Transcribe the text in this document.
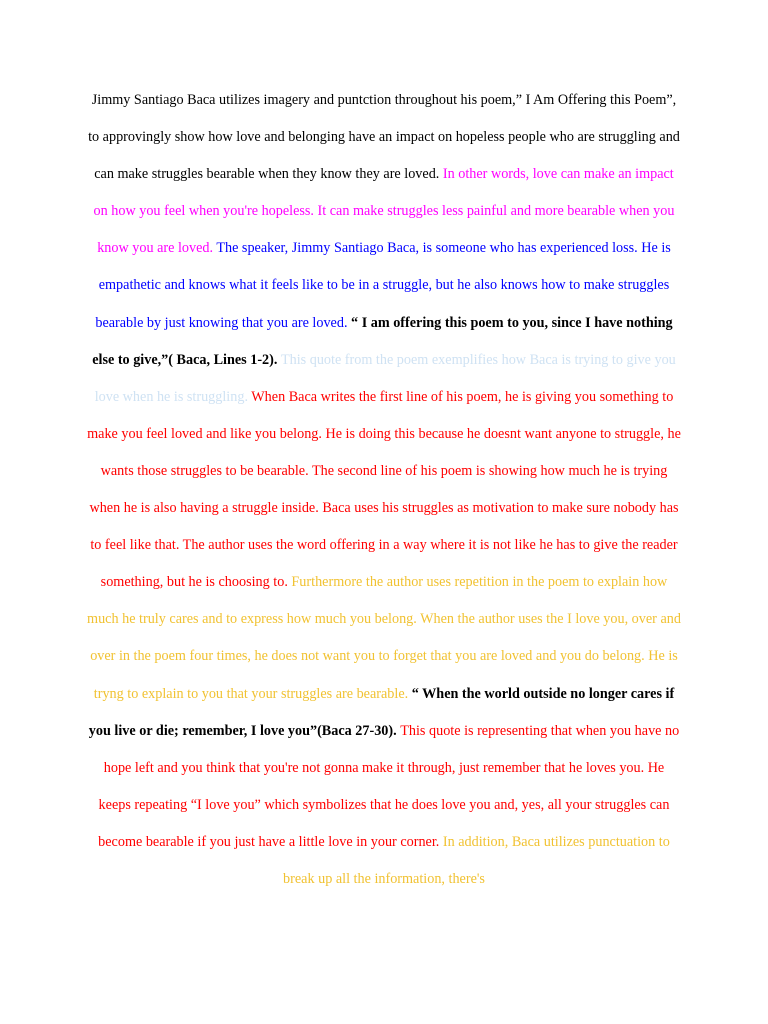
Jimmy Santiago Baca utilizes imagery and puntction throughout his poem,” I Am Offering this Poem”, to approvingly show how love and belonging have an impact on hopeless people who are struggling and can make struggles bearable when they know they are loved. In other words, love can make an impact on how you feel when you're hopeless. It can make struggles less painful and more bearable when you know you are loved. The speaker, Jimmy Santiago Baca, is someone who has experienced loss. He is empathetic and knows what it feels like to be in a struggle, but he also knows how to make struggles bearable by just knowing that you are loved. “ I am offering this poem to you, since I have nothing else to give,”( Baca, Lines 1-2). This quote from the poem exemplifies how Baca is trying to give you love when he is struggling. When Baca writes the first line of his poem, he is giving you something to make you feel loved and like you belong. He is doing this because he doesnt want anyone to struggle, he wants those struggles to be bearable. The second line of his poem is showing how much he is trying when he is also having a struggle inside. Baca uses his struggles as motivation to make sure nobody has to feel like that. The author uses the word offering in a way where it is not like he has to give the reader something, but he is choosing to. Furthermore the author uses repetition in the poem to explain how much he truly cares and to express how much you belong. When the author uses the I love you, over and over in the poem four times, he does not want you to forget that you are loved and you do belong. He is tryng to explain to you that your struggles are bearable. “ When the world outside no longer cares if you live or die; remember, I love you”(Baca 27-30). This quote is representing that when you have no hope left and you think that you're not gonna make it through, just remember that he loves you. He keeps repeating “I love you” which symbolizes that he does love you and, yes, all your struggles can become bearable if you just have a little love in your corner. In addition, Baca utilizes punctuation to break up all the information, there's
